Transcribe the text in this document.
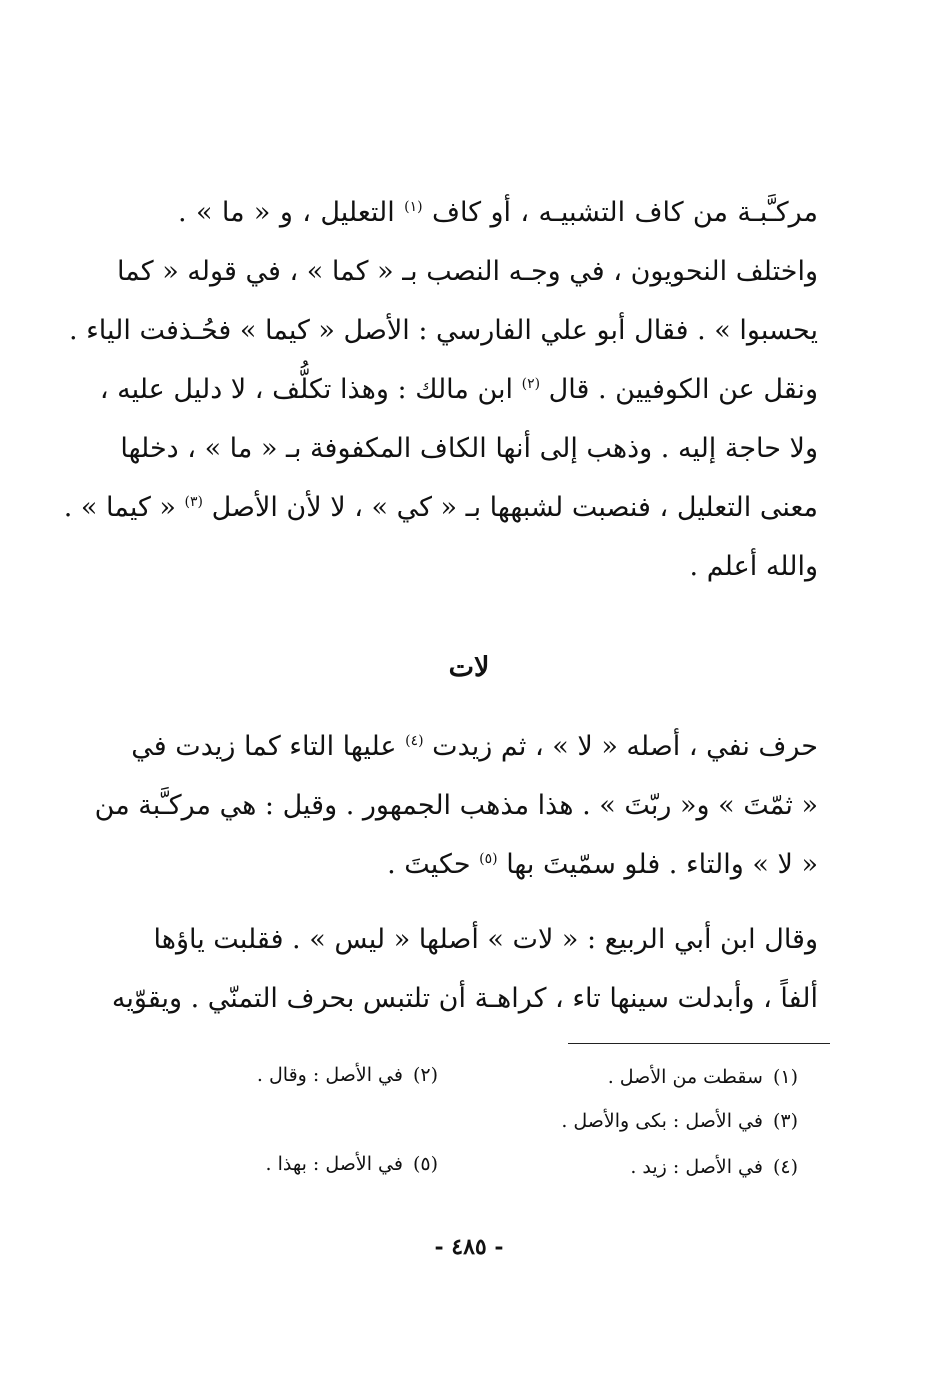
مركـَّبـة من كاف التشبيـه ، أو كاف $^{(١)}$ التعليل ، و « ما » .
واختلف النحويون ، في وجـه النصب بـ « كما » ، في قوله « كما
يحسبوا » . فقال أبو علي الفارسي : الأصل « كيما » فحُـذفت الياء .
ونقل عن الكوفيين . قال $^{(٢)}$ ابن مالك : وهذا تكلُّف ، لا دليل عليه ،
ولا حاجة إليه . وذهب إلى أنها الكاف المكفوفة بـ « ما » ، دخلها
معنى التعليل ، فنصبت لشبهها بـ « كي » ، لا لأن الأصل $^{(٣)}$ « كيما » .
والله أعلم .
لات
حرف نفي ، أصله « لا » ، ثم زيدت $^{(٤)}$ عليها التاء كما زيدت في
« ثمّتَ » و« ربّتَ » . هذا مذهب الجمهور . وقيل : هي مركـَّبة من
« لا » والتاء . فلو سمّيتَ بها $^{(٥)}$ حكيتَ .
وقال ابن أبي الربيع : « لات » أصلها « ليس » . فقلبت ياؤها
ألفاً ، وأبدلت سينها تاء ، كراهـة أن تلتبس بحرف التمنّي . ويقوّيه
(١)سقطت من الأصل .
(٢)في الأصل : وقال .
(٣)في الأصل : بكى والأصل .
(٤)في الأصل : زيد .
(٥)في الأصل : بهذا .
- ٤٨٥ -
